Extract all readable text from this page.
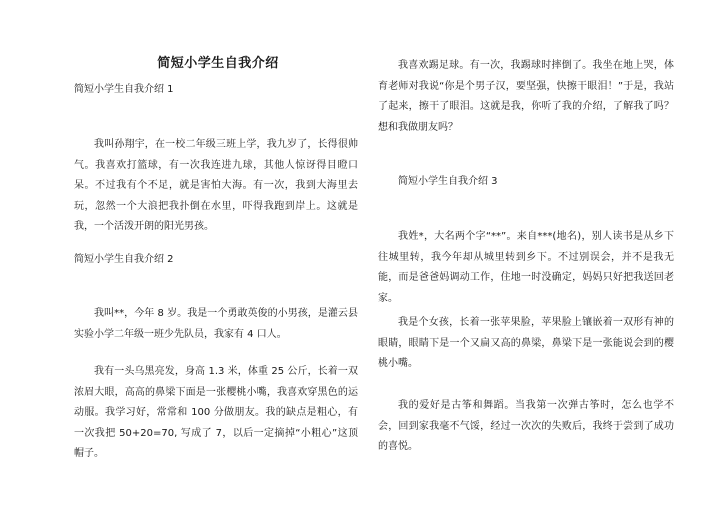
简短小学生自我介绍
简短小学生自我介绍 1
我叫孙翔宇，在一校二年级三班上学，我九岁了，长得很帅气。我喜欢打篮球，有一次我连进九球，其他人惊讶得目瞪口呆。不过我有个不足，就是害怕大海。有一次，我到大海里去玩，忽然一个大浪把我扑倒在水里，吓得我跑到岸上。这就是我，一个活泼开朗的阳光男孩。
简短小学生自我介绍 2
我叫**，今年 8 岁。我是一个勇敢英俊的小男孩，是灌云县实验小学二年级一班少先队员，我家有 4 口人。
我有一头乌黑亮发，身高 1.3 米，体重 25 公斤，长着一双浓眉大眼，高高的鼻梁下面是一张樱桃小嘴，我喜欢穿黑色的运动服。我学习好，常常和 100 分做朋友。我的缺点是粗心，有一次我把 50+20=70, 写成了 7，以后一定摘掉“小粗心”这顶帽子。
我喜欢踢足球。有一次，我踢球时摔倒了。我坐在地上哭，体育老师对我说“你是个男子汉，要坚强，快擦干眼泪！”于是，我站了起来，擦干了眼泪。这就是我，你听了我的介绍，了解我了吗？想和我做朋友吗？
简短小学生自我介绍 3
我姓*，大名两个字“**”。来自***(地名)，别人读书是从乡下往城里转，我今年却从城里转到乡下。不过别误会，并不是我无能，而是爸爸妈调动工作，住地一时没确定，妈妈只好把我送回老家。
我是个女孩，长着一张苹果脸，苹果脸上镶嵌着一双形有神的眼睛，眼睛下是一个又扁又高的鼻梁，鼻梁下是一张能说会到的樱桃小嘴。
我的爱好是古筝和舞蹈。当我第一次弹古筝时，怎么也学不会，回到家我毫不气馁，经过一次次的失败后，我终于尝到了成功的喜悦。
